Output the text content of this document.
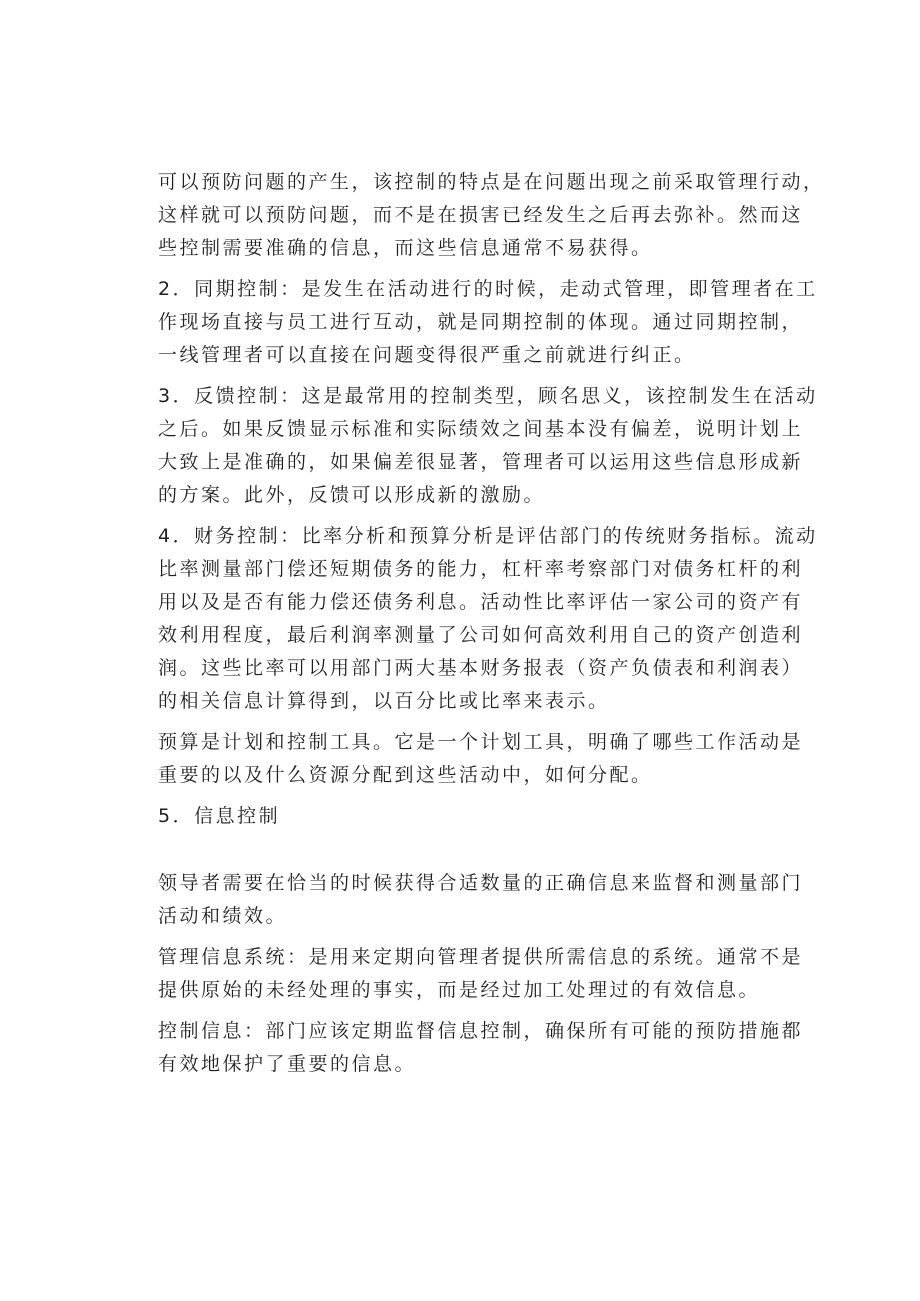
可以预防问题的产生，该控制的特点是在问题出现之前采取管理行动，
这样就可以预防问题，而不是在损害已经发生之后再去弥补。然而这
些控制需要准确的信息，而这些信息通常不易获得。

2．同期控制：是发生在活动进行的时候，走动式管理，即管理者在工
作现场直接与员工进行互动，就是同期控制的体现。通过同期控制，
一线管理者可以直接在问题变得很严重之前就进行纠正。

3．反馈控制：这是最常用的控制类型，顾名思义，该控制发生在活动
之后。如果反馈显示标准和实际绩效之间基本没有偏差，说明计划上
大致上是准确的，如果偏差很显著，管理者可以运用这些信息形成新
的方案。此外，反馈可以形成新的激励。

4．财务控制：比率分析和预算分析是评估部门的传统财务指标。流动
比率测量部门偿还短期债务的能力，杠杆率考察部门对债务杠杆的利
用以及是否有能力偿还债务利息。活动性比率评估一家公司的资产有
效利用程度，最后利润率测量了公司如何高效利用自己的资产创造利
润。这些比率可以用部门两大基本财务报表（资产负债表和利润表）
的相关信息计算得到，以百分比或比率来表示。

预算是计划和控制工具。它是一个计划工具，明确了哪些工作活动是
重要的以及什么资源分配到这些活动中，如何分配。

5．信息控制

领导者需要在恰当的时候获得合适数量的正确信息来监督和测量部门
活动和绩效。

管理信息系统：是用来定期向管理者提供所需信息的系统。通常不是
提供原始的未经处理的事实，而是经过加工处理过的有效信息。

控制信息：部门应该定期监督信息控制，确保所有可能的预防措施都
有效地保护了重要的信息。
